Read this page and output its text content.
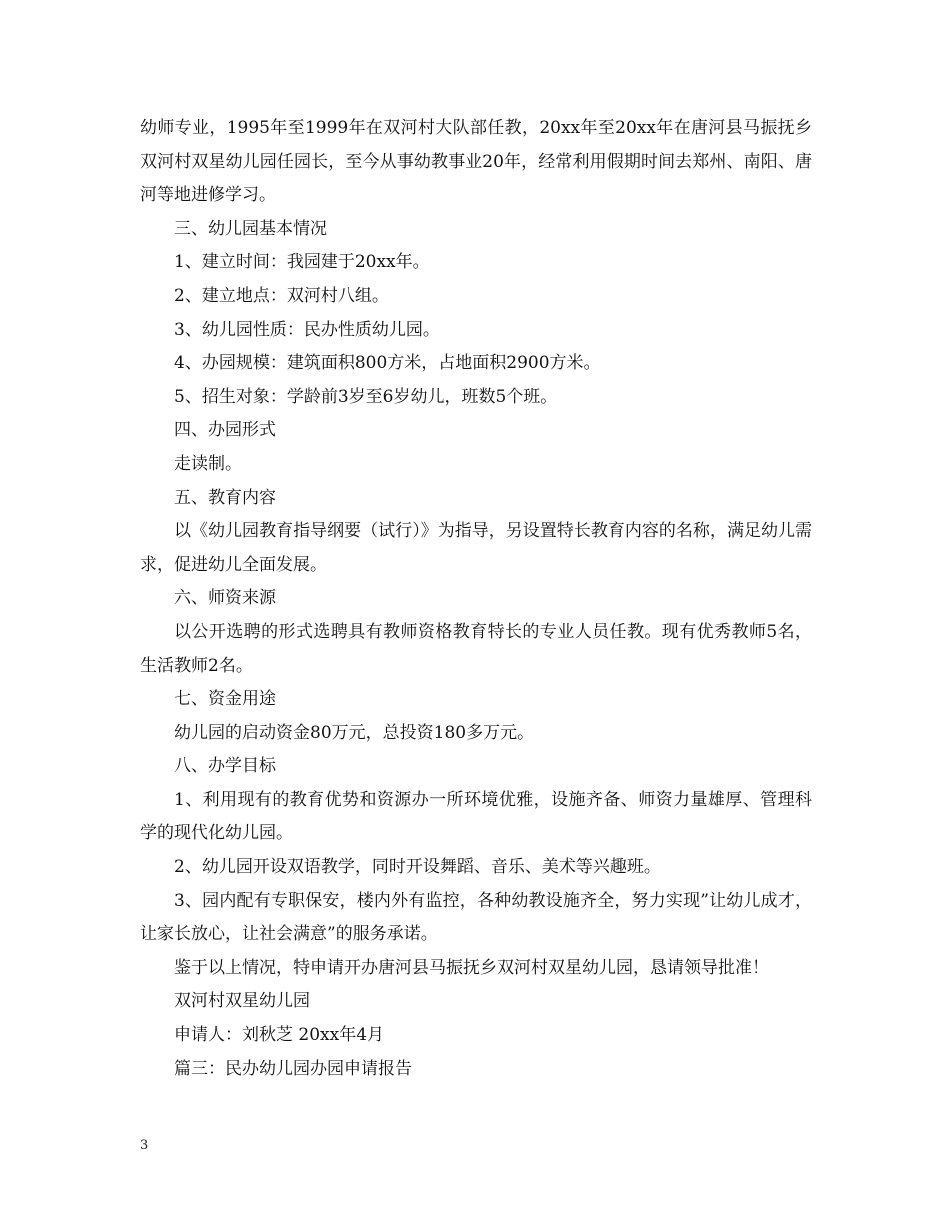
幼师专业，1995年至1999年在双河村大队部任教，20xx年至20xx年在唐河县马振抚乡双河村双星幼儿园任园长，至今从事幼教事业20年，经常利用假期时间去郑州、南阳、唐河等地进修学习。

三、幼儿园基本情况

1、建立时间：我园建于20xx年。

2、建立地点：双河村八组。

3、幼儿园性质：民办性质幼儿园。

4、办园规模：建筑面积800方米，占地面积2900方米。

5、招生对象：学龄前3岁至6岁幼儿，班数5个班。

四、办园形式

走读制。

五、教育内容

以《幼儿园教育指导纲要（试行）》为指导，另设置特长教育内容的名称，满足幼儿需求，促进幼儿全面发展。

六、师资来源

以公开选聘的形式选聘具有教师资格教育特长的专业人员任教。现有优秀教师5名，生活教师2名。

七、资金用途

幼儿园的启动资金80万元，总投资180多万元。

八、办学目标

1、利用现有的教育优势和资源办一所环境优雅，设施齐备、师资力量雄厚、管理科学的现代化幼儿园。

2、幼儿园开设双语教学，同时开设舞蹈、音乐、美术等兴趣班。

3、园内配有专职保安，楼内外有监控，各种幼教设施齐全，努力实现”让幼儿成才，让家长放心，让社会满意”的服务承诺。

鉴于以上情况，特申请开办唐河县马振抚乡双河村双星幼儿园，恳请领导批准！

双河村双星幼儿园

申请人：刘秋芝 20xx年4月

篇三：民办幼儿园办园申请报告

3
